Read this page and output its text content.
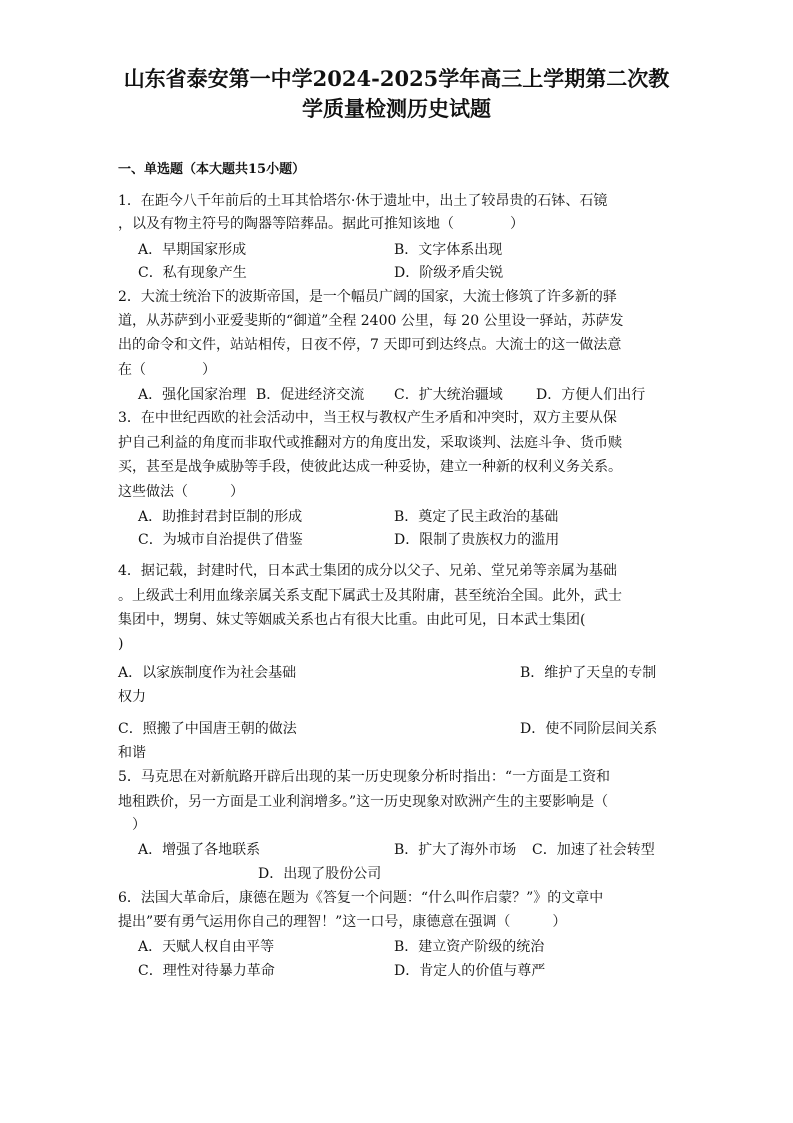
山东省泰安第一中学2024-2025学年高三上学期第二次教
学质量检测历史试题
一、单选题（本大题共15小题）
1．在距今八千年前后的土耳其恰塔尔·休于遗址中，出土了较昂贵的石钵、石镜
，以及有物主符号的陶器等陪葬品。据此可推知该地（　　　　）
A．早期国家形成	B．文字体系出现
C．私有现象产生	D．阶级矛盾尖锐
2．大流士统治下的波斯帝国，是一个幅员广阔的国家，大流士修筑了许多新的驿
道，从苏萨到小亚爱斐斯的“御道”全程 2400 公里，每 20 公里设一驿站，苏萨发
出的命令和文件，站站相传，日夜不停，7 天即可到达终点。大流士的这一做法意
在（　　　　）
A．强化国家治理 B．促进经济交流 C．扩大统治疆域 D．方便人们出行
3．在中世纪西欧的社会活动中，当王权与教权产生矛盾和冲突时，双方主要从保
护自己利益的角度而非取代或推翻对方的角度出发，采取谈判、法庭斗争、货币赎
买，甚至是战争威胁等手段，使彼此达成一种妥协，建立一种新的权利义务关系。
这些做法（　　　）
A．助推封君封臣制的形成	B．奠定了民主政治的基础
C．为城市自治提供了借鉴	D．限制了贵族权力的滥用
4．据记载，封建时代，日本武士集团的成分以父子、兄弟、堂兄弟等亲属为基础
。上级武士利用血缘亲属关系支配下属武士及其附庸，甚至统治全国。此外，武士
集团中，甥舅、妹丈等姻戚关系也占有很大比重。由此可见，日本武士集团(
)
A．以家族制度作为社会基础	B．维护了天皇的专制
权力
C．照搬了中国唐王朝的做法	D．使不同阶层间关系
和谐
5．马克思在对新航路开辟后出现的某一历史现象分析时指出：“一方面是工资和
地租跌价，另一方面是工业利润增多。”这一历史现象对欧洲产生的主要影响是（
　）
A．增强了各地联系	B．扩大了海外市场 C．加速了社会转型
D．出现了股份公司
6．法国大革命后，康德在题为《答复一个问题：“什么叫作启蒙？”》的文章中
提出”要有勇气运用你自己的理智！”这一口号，康德意在强调（　　　）
A．天赋人权自由平等	B．建立资产阶级的统治
C．理性对待暴力革命	D．肯定人的价值与尊严
